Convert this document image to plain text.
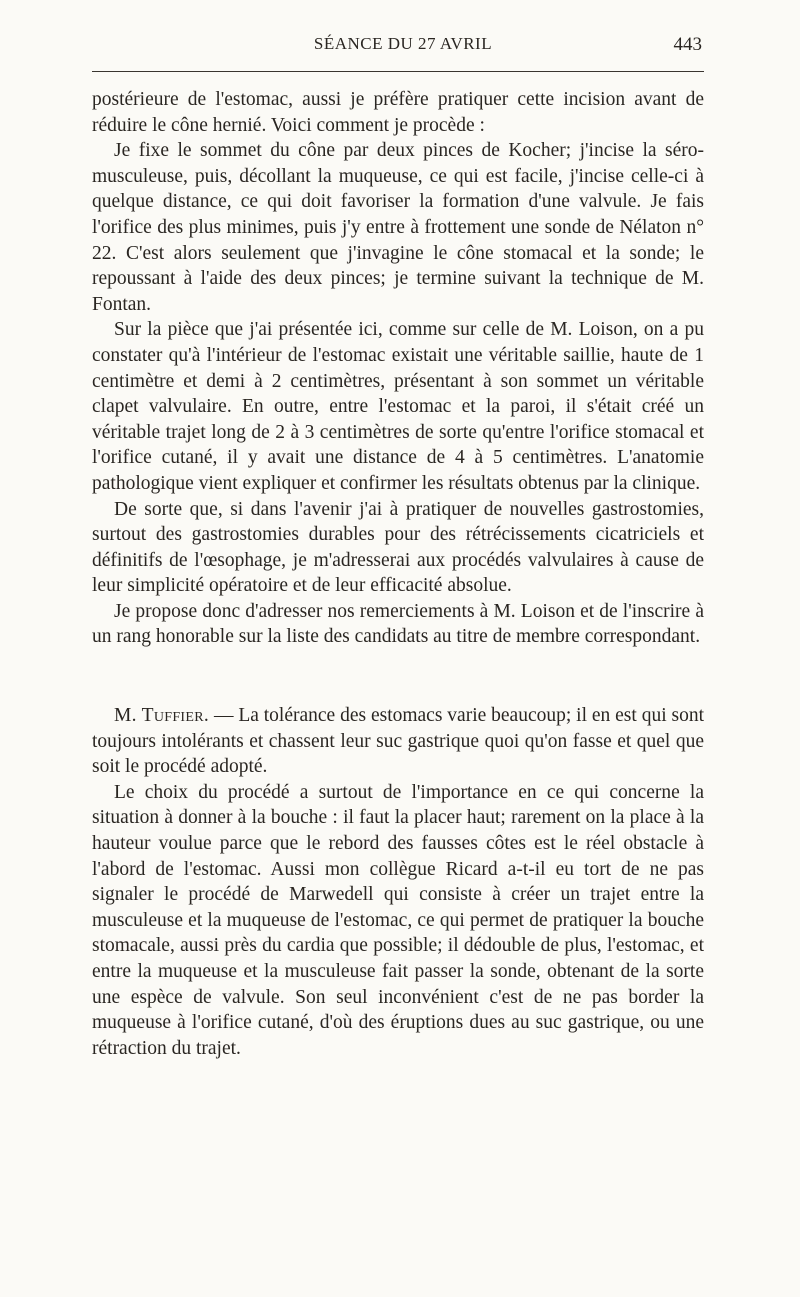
SÉANCE DU 27 AVRIL	443

postérieure de l'estomac, aussi je préfère pratiquer cette incision avant de réduire le cône hernié. Voici comment je procède :

Je fixe le sommet du cône par deux pinces de Kocher; j'incise la séro-musculeuse, puis, décollant la muqueuse, ce qui est facile, j'incise celle-ci à quelque distance, ce qui doit favoriser la formation d'une valvule. Je fais l'orifice des plus minimes, puis j'y entre à frottement une sonde de Nélaton n° 22. C'est alors seulement que j'invagine le cône stomacal et la sonde; le repoussant à l'aide des deux pinces; je termine suivant la technique de M. Fontan.

Sur la pièce que j'ai présentée ici, comme sur celle de M. Loison, on a pu constater qu'à l'intérieur de l'estomac existait une véritable saillie, haute de 1 centimètre et demi à 2 centimètres, présentant à son sommet un véritable clapet valvulaire. En outre, entre l'estomac et la paroi, il s'était créé un véritable trajet long de 2 à 3 centimètres de sorte qu'entre l'orifice stomacal et l'orifice cutané, il y avait une distance de 4 à 5 centimètres. L'anatomie pathologique vient expliquer et confirmer les résultats obtenus par la clinique.

De sorte que, si dans l'avenir j'ai à pratiquer de nouvelles gastrostomies, surtout des gastrostomies durables pour des rétrécissements cicatriciels et définitifs de l'œsophage, je m'adresserai aux procédés valvulaires à cause de leur simplicité opératoire et de leur efficacité absolue.

Je propose donc d'adresser nos remerciements à M. Loison et de l'inscrire à un rang honorable sur la liste des candidats au titre de membre correspondant.

M. Tuffier. — La tolérance des estomacs varie beaucoup; il en est qui sont toujours intolérants et chassent leur suc gastrique quoi qu'on fasse et quel que soit le procédé adopté.

Le choix du procédé a surtout de l'importance en ce qui concerne la situation à donner à la bouche : il faut la placer haut; rarement on la place à la hauteur voulue parce que le rebord des fausses côtes est le réel obstacle à l'abord de l'estomac. Aussi mon collègue Ricard a-t-il eu tort de ne pas signaler le procédé de Marwedell qui consiste à créer un trajet entre la musculeuse et la muqueuse de l'estomac, ce qui permet de pratiquer la bouche stomacale, aussi près du cardia que possible; il dédouble de plus, l'estomac, et entre la muqueuse et la musculeuse fait passer la sonde, obtenant de la sorte une espèce de valvule. Son seul inconvénient c'est de ne pas border la muqueuse à l'orifice cutané, d'où des éruptions dues au suc gastrique, ou une rétraction du trajet.
